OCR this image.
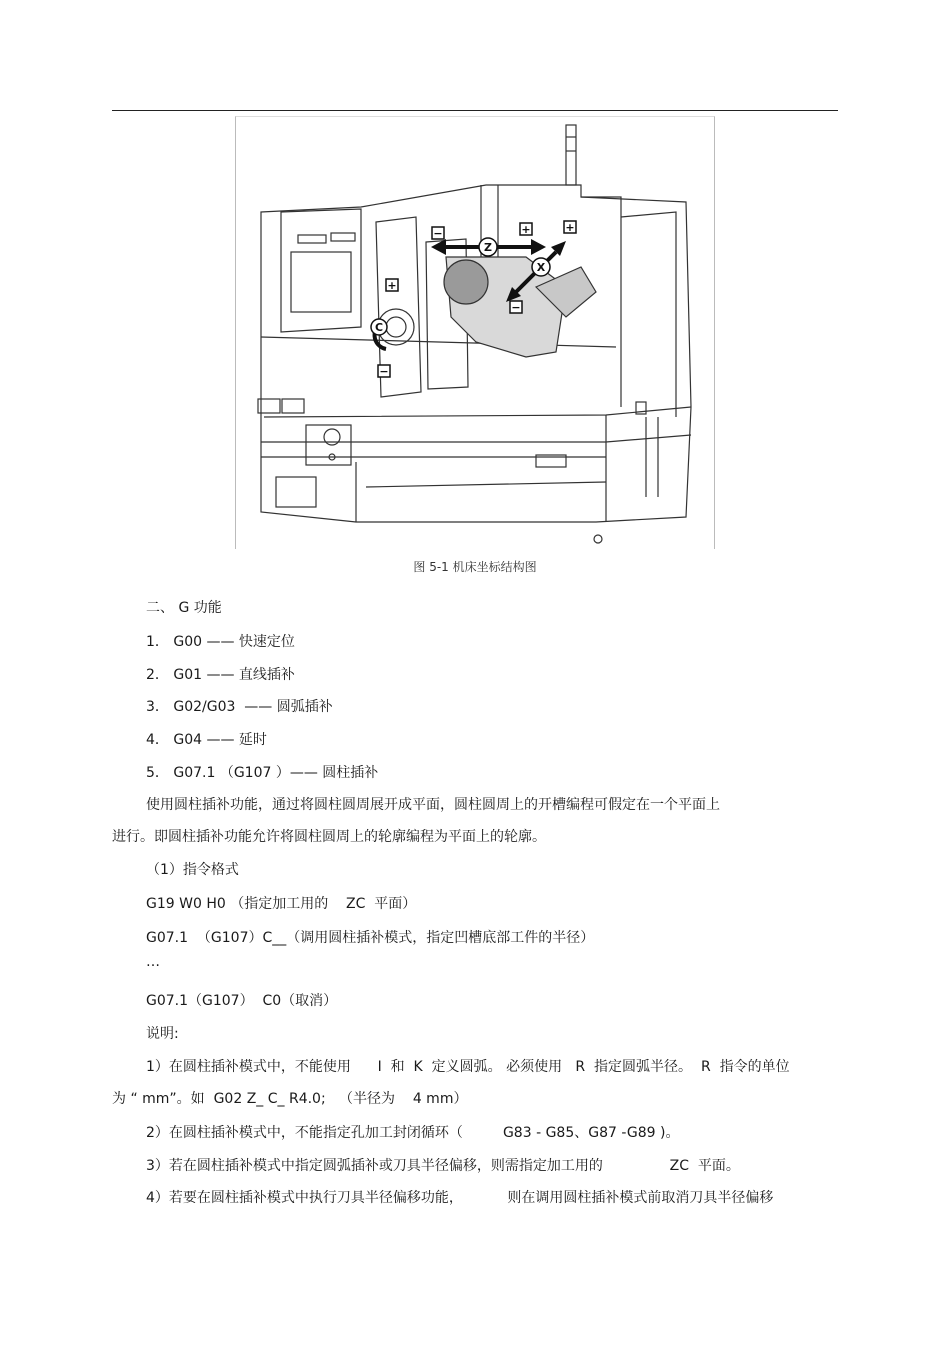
Z
X
C
−	+	+
−
+
−
图 5-1 机床坐标结构图
二、 G 功能
1． G00 —— 快速定位
2． G01 —— 直线插补
3． G02/G03  —— 圆弧插补
4． G04 —— 延时
5． G07.1 （G107 ）—— 圆柱插补
使用圆柱插补功能，通过将圆柱圆周展开成平面，圆柱圆周上的开槽编程可假定在一个平面上
进行。即圆柱插补功能允许将圆柱圆周上的轮廓编程为平面上的轮廓。
（1）指令格式
G19 W0 H0 （指定加工用的    ZC  平面）
G07.1  （G107）C__（调用圆柱插补模式，指定凹槽底部工件的半径）
…
G07.1（G107）  C0（取消）
说明:
1）在圆柱插补模式中，不能使用      I  和  K  定义圆弧。 必须使用   R  指定圆弧半径。  R  指令的单位
为 “ mm”。如  G02 Z_ C_ R4.0;   （半径为    4 mm）
2）在圆柱插补模式中，不能指定孔加工封闭循环（         G83 - G85、G87 -G89 )。
3）若在圆柱插补模式中指定圆弧插补或刀具半径偏移，则需指定加工用的               ZC  平面。
4）若要在圆柱插补模式中执行刀具半径偏移功能，          则在调用圆柱插补模式前取消刀具半径偏移
